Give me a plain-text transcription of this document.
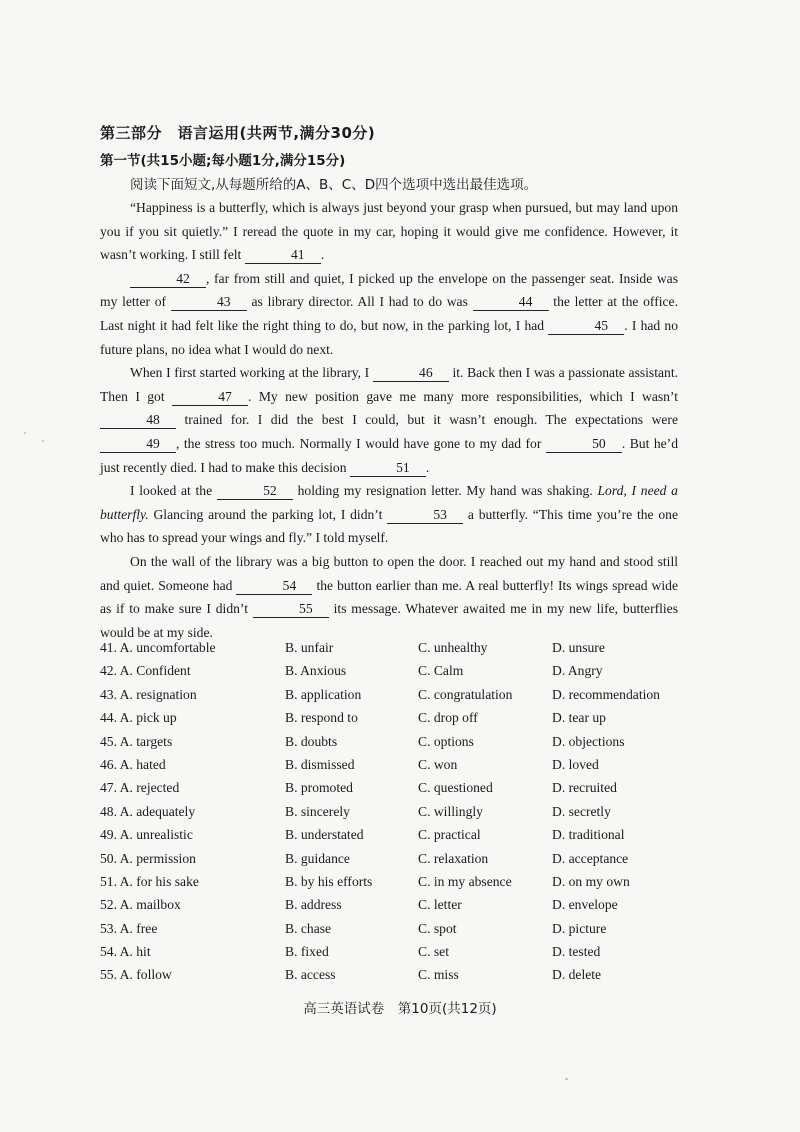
第三部分　语言运用(共两节,满分30分)
第一节(共15小题;每小题1分,满分15分)
阅读下面短文,从每题所给的A、B、C、D四个选项中选出最佳选项。

“Happiness is a butterfly, which is always just beyond your grasp when pursued, but may land upon you if you sit quietly.” I reread the quote in my car, hoping it would give me confidence. However, it wasn’t working. I still felt	41 .

42 , far from still and quiet, I picked up the envelope on the passenger seat. Inside was my letter of	43 as library director. All I had to do was	44 the letter at the office. Last night it had felt like the right thing to do, but now, in the parking lot, I had	45 . I had no future plans, no idea what I would do next.

When I first started working at the library, I	46 it. Back then I was a passionate assistant. Then I got	47 . My new position gave me many more responsibilities, which I wasn’t 48 trained for. I did the best I could, but it wasn’t enough. The expectations were 49 , the stress too much. Normally I would have gone to my dad for	50 . But he’d just recently died. I had to make this decision	51 .

I looked at the	52 holding my resignation letter. My hand was shaking. Lord, I need a butterfly. Glancing around the parking lot, I didn’t	53 a butterfly. “This time you’re the one who has to spread your wings and fly.” I told myself.

On the wall of the library was a big button to open the door. I reached out my hand and stood still and quiet. Someone had	54 the button earlier than me. A real butterfly! Its wings spread wide as if to make sure I didn’t	55 its message. Whatever awaited me in my new life, butterflies would be at my side.

41. A. uncomfortable	B. unfair	C. unhealthy	D. unsure
42. A. Confident	B. Anxious	C. Calm	D. Angry
43. A. resignation	B. application	C. congratulation	D. recommendation
44. A. pick up	B. respond to	C. drop off	D. tear up
45. A. targets	B. doubts	C. options	D. objections
46. A. hated	B. dismissed	C. won	D. loved
47. A. rejected	B. promoted	C. questioned	D. recruited
48. A. adequately	B. sincerely	C. willingly	D. secretly
49. A. unrealistic	B. understated	C. practical	D. traditional
50. A. permission	B. guidance	C. relaxation	D. acceptance
51. A. for his sake	B. by his efforts	C. in my absence	D. on my own
52. A. mailbox	B. address	C. letter	D. envelope
53. A. free	B. chase	C. spot	D. picture
54. A. hit	B. fixed	C. set	D. tested
55. A. follow	B. access	C. miss	D. delete
高三英语试卷　第10页(共12页)
